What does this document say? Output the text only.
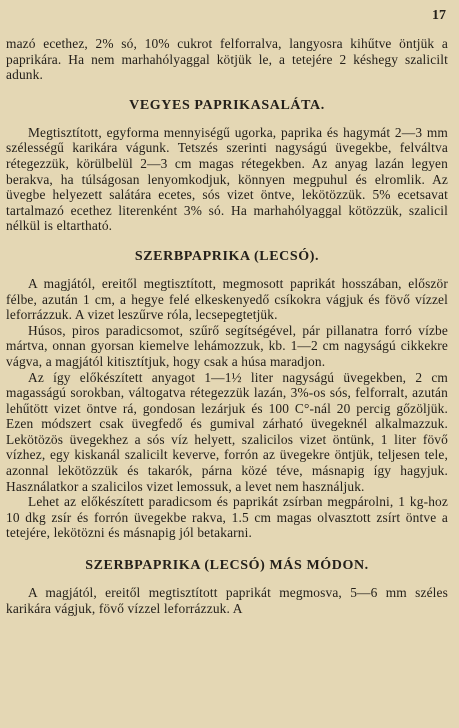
17

mazó ecethez, 2% só, 10% cukrot felforralva, langyosra kihűtve öntjük a paprikára. Ha nem marhahólyaggal kötjük le, a tetejére 2 késhegy szalicilt adunk.

VEGYES PAPRIKASALÁTA.

Megtisztított, egyforma mennyiségű ugorka, paprika és hagymát 2—3 mm szélességű karikára vágunk. Tetszés szerinti nagyságú üvegekbe, felváltva rétegezzük, körülbelül 2—3 cm magas rétegekben. Az anyag lazán legyen berakva, ha túlságosan lenyomkodjuk, könnyen megpuhul és elromlik. Az üvegbe helyezett salátára ecetes, sós vizet öntve, lekötözzük. 5% ecetsavat tartalmazó ecethez literenként 3% só. Ha marhahólyaggal kötözzük, szalicil nélkül is eltartható.

SZERBPAPRIKA (LECSÓ).

A magjától, ereitől megtisztított, megmosott paprikát hosszában, először félbe, azután 1 cm, a hegye felé elkeskenyedő csíkokra vágjuk és fövő vízzel leforrázzuk. A vizet leszűrve róla, lecsepegtetjük.

Húsos, piros paradicsomot, szűrő segítségével, pár pillanatra forró vízbe mártva, onnan gyorsan kiemelve lehámozzuk, kb. 1—2 cm nagyságú cikkekre vágva, a magjától kitisztítjuk, hogy csak a húsa maradjon.

Az így előkészített anyagot 1—1½ liter nagyságú üvegekben, 2 cm magasságú sorokban, váltogatva rétegezzük lazán, 3%-os sós, felforralt, azután lehűtött vizet öntve rá, gondosan lezárjuk és 100 C°-nál 20 percig gőzöljük. Ezen módszert csak üvegfedő és gumival zárható üvegeknél alkalmazzuk. Lekötözös üvegekhez a sós víz helyett, szalicilos vizet öntünk, 1 liter fövő vízhez, egy kiskanál szalicilt keverve, forrón az üvegekre öntjük, teljesen tele, azonnal lekötözzük és takarók, párna közé téve, másnapig így hagyjuk. Használatkor a szalicilos vizet lemossuk, a levet nem használjuk.

Lehet az előkészített paradicsom és paprikát zsírban megpárolni, 1 kg-hoz 10 dkg zsír és forrón üvegekbe rakva, 1.5 cm magas olvasztott zsírt öntve a tetejére, lekötözni és másnapig jól betakarni.

SZERBPAPRIKA (LECSÓ) MÁS MÓDON.

A magjától, ereitől megtisztított paprikát megmosva, 5—6 mm széles karikára vágjuk, fövő vízzel leforrázzuk. A
